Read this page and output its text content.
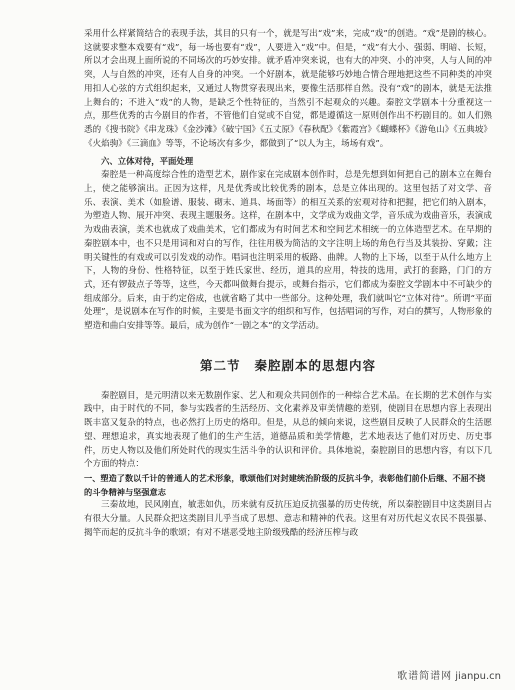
采用什么样紧简结合的表现手法，其目的只有一个，就是写出“戏”来，完成“戏”的创造。“戏”是剧的核心。这就要求整本戏要有“戏”，每一场也要有“戏”，人要进入“戏”中。但是，“戏”有大小、强弱、明暗、长短，所以才会出现上面所说的不同场次的巧妙安排。就矛盾冲突来说，也有大的冲突、小的冲突，人与人间的冲突，人与自然的冲突，还有人自身的冲突。一个好剧本，就是能够巧妙地合情合理地把这些不同种类的冲突用扣人心弦的方式组织起来，又通过人物贯穿表现出来，要像生活那样自然。没有“戏”的剧本，就是无法推上舞台的；不进入“戏”的人物，是缺乏个性特征的，当然引不起观众的兴趣。秦腔文学剧本十分重视这一点，那些优秀的古今剧目的作者，不管他们自觉或不自觉，都是遵循这一原则创作出不朽剧目的。如人们熟悉的《搜书院》《串龙珠》《金沙滩》《破宁国》《五丈原》《春秋配》《紫霞宫》《蝴蝶杯》《游龟山》《五典坡》《火焰驹》《三滴血》等等，不论场次有多少，都做到了“以人为主，场场有戏”。

六、立体对待，平面处理

秦腔是一种高度综合性的造型艺术，剧作家在完成剧本创作时，总是先想到如何把自己的剧本立在舞台上，使之能够演出。正因为这样，凡是优秀或比较优秀的剧本，总是立体出现的。这里包括了对文学、音乐、表演、美术（如脸谱、服装、砌末、道具、场面等）的相互关系的宏观对待和把握，把它们纳入剧本，为塑造人物、展开冲突、表现主题服务。这样，在剧本中，文学成为戏曲文学，音乐成为戏曲音乐，表演成为戏曲表演，美术也就成了戏曲美术，它们都成为有时间艺术和空间艺术相统一的立体造型艺术。在早期的秦腔剧本中，也不只是用词和对白的写作，往往用极为简洁的文字注明上场的角色行当及其装扮、穿戴；注明关键性的有戏或可以引发戏的动作。唱词也注明采用的板路、曲牌。人物的上下场，以至于从什么地方上下，人物的身份、性格特征，以至于姓氏家世、经历，道具的应用，特技的选用，武打的套路，门门的方式，还有锣鼓点子等等，这些，今天都叫做舞台提示，或舞台指示，它们都成为秦腔文学剧本中不可缺少的组成部分。后来，由于约定俗成，也就省略了其中一些部分。这种处理，我们就叫它“立体对待”。所谓“平面处理”，是说剧本在写作的时候，主要是书面文字的组织和写作，包括唱词的写作，对白的撰写，人物形象的塑造和曲白安排等等。最后，成为创作“一剧之本”的文学活动。

第二节 秦腔剧本的思想内容

秦腔剧目，是元明清以来无数剧作家、艺人和观众共同创作的一种综合艺术品。在长期的艺术创作与实践中，由于时代的不同，参与实践者的生活经历、文化素养及审美情趣的差别，使剧目在思想内容上表现出既丰富又复杂的特点，也必然打上历史的烙印。但是，从总的倾向来说，这些剧目反映了人民群众的生活愿望、理想追求，真实地表现了他们的生产生活，道德品质和美学情趣，艺术地表达了他们对历史、历史事件，历史人物以及他们所处时代的现实生活斗争的认识和评价。具体地说，秦腔剧目的思想内容，有以下几个方面的特点：

一、塑造了数以千计的普通人的艺术形象，歌颂他们对封建统治阶级的反抗斗争，表彰他们前仆后继、不屈不挠的斗争精神与坚强意志

三秦故地，民风刚直，敏悲如仇，历来就有反抗压迫反抗强暴的历史传统，所以秦腔剧目中这类剧目占有很大分量。人民群众把这类剧目儿乎当成了思想、意志和精神的代表。这里有对历代起义农民不畏强暴、揭竿而起的反抗斗争的歌颂；有对不堪恶受地主阶级残酷的经济压榨与政

歌谱简谱网 jianpu.cn
